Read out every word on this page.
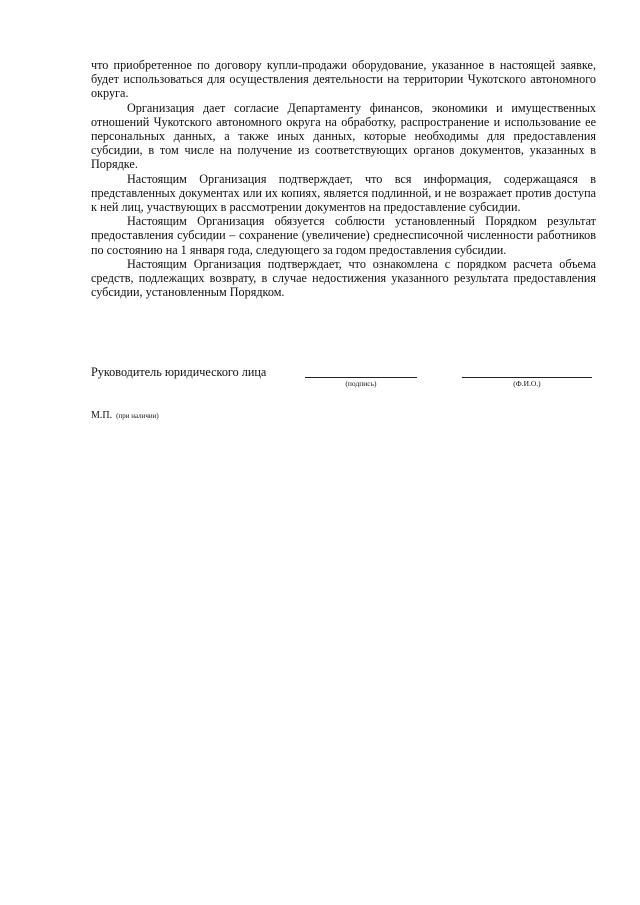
что приобретенное по договору купли-продажи оборудование, указанное в настоящей заявке, будет использоваться для осуществления деятельности на территории Чукотского автономного округа.

Организация дает согласие Департаменту финансов, экономики и имущественных отношений Чукотского автономного округа на обработку, распространение и использование ее персональных данных, а также иных данных, которые необходимы для предоставления субсидии, в том числе на получение из соответствующих органов документов, указанных в Порядке.

Настоящим Организация подтверждает, что вся информация, содержащаяся в представленных документах или их копиях, является подлинной, и не возражает против доступа к ней лиц, участвующих в рассмотрении документов на предоставление субсидии.

Настоящим Организация обязуется соблюсти установленный Порядком результат предоставления субсидии – сохранение (увеличение) среднесписочной численности работников по состоянию на 1 января года, следующего за годом предоставления субсидии.

Настоящим Организация подтверждает, что ознакомлена с порядком расчета объема средств, подлежащих возврату, в случае недостижения указанного результата предоставления субсидии, установленным Порядком.

Руководитель юридического лица
(подпись)	(Ф.И.О.)
М.П. (при наличии)
